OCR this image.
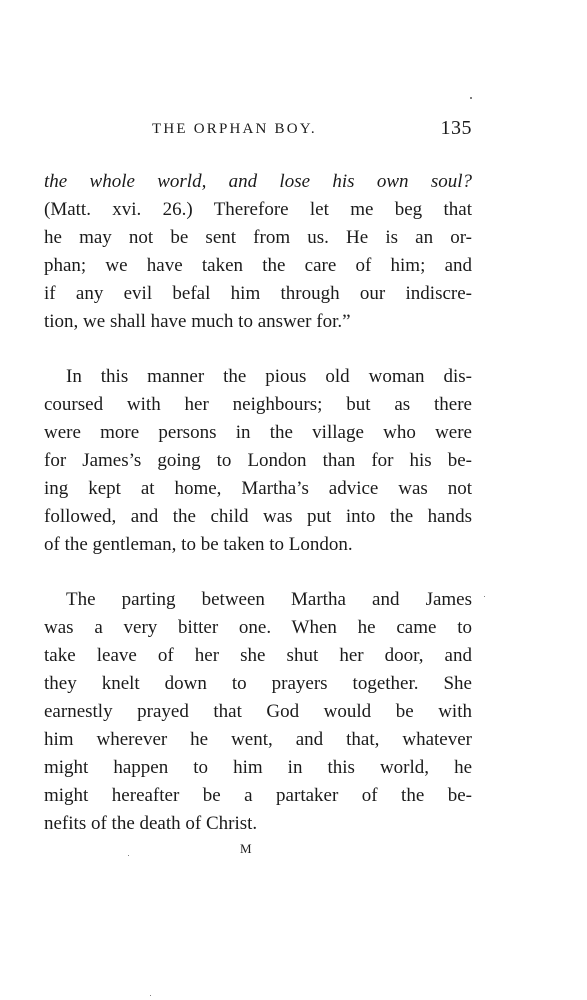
THE ORPHAN BOY.	135
the whole world, and lose his own soul?
(Matt. xvi. 26.) Therefore let me beg that
he may not be sent from us. He is an or-
phan; we have taken the care of him; and
if any evil befal him through our indiscre-
tion, we shall have much to answer for.”
In this manner the pious old woman dis-
coursed with her neighbours; but as there
were more persons in the village who were
for James’s going to London than for his be-
ing kept at home, Martha’s advice was not
followed, and the child was put into the hands
of the gentleman, to be taken to London.
The parting between Martha and James
was a very bitter one. When he came to
take leave of her she shut her door, and
they knelt down to prayers together. She
earnestly prayed that God would be with
him wherever he went, and that, whatever
might happen to him in this world, he
might hereafter be a partaker of the be-
nefits of the death of Christ.
M
